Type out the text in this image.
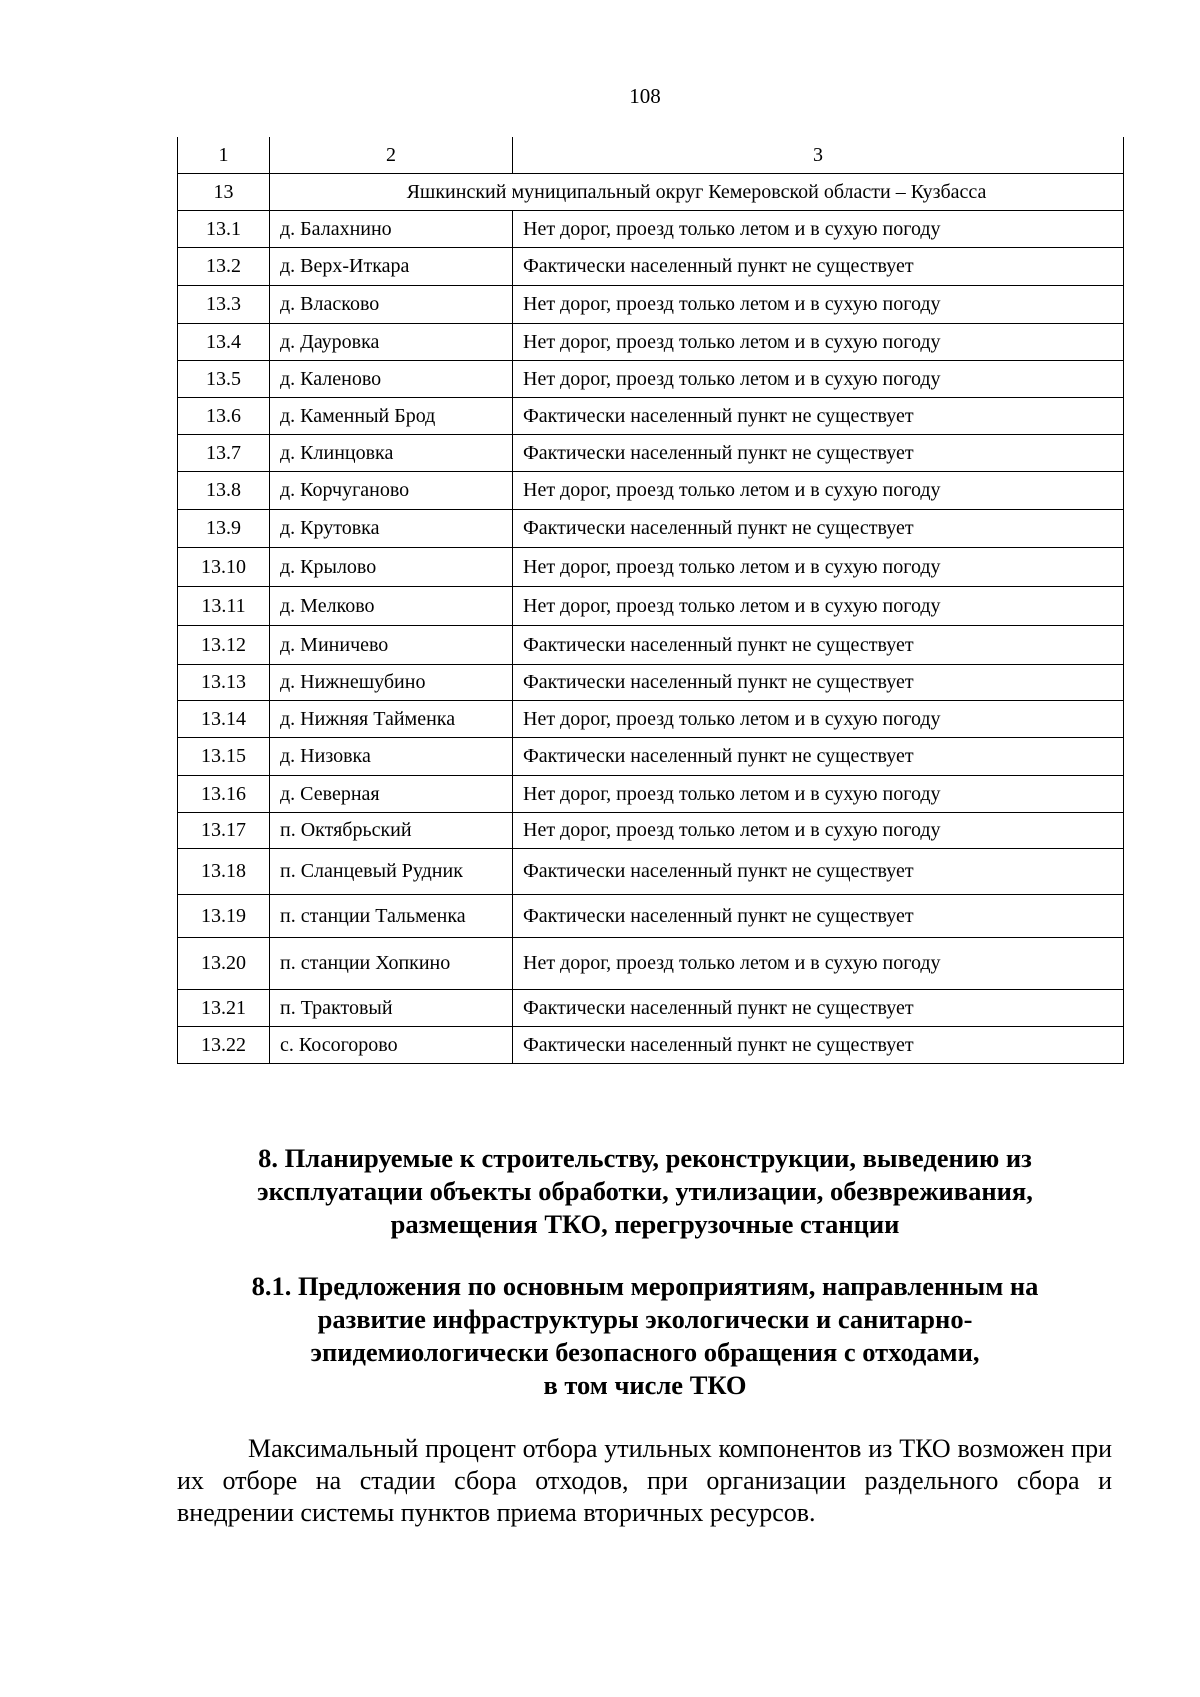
108
1	2	3
13	Яшкинский муниципальный округ Кемеровской области – Кузбасса	
13.1	д. Балахнино	Нет дорог, проезд только летом и в сухую погоду
13.2	д. Верх-Иткара	Фактически населенный пункт не существует
13.3	д. Власково	Нет дорог, проезд только летом и в сухую погоду
13.4	д. Дауровка	Нет дорог, проезд только летом и в сухую погоду
13.5	д. Каленово	Нет дорог, проезд только летом и в сухую погоду
13.6	д. Каменный Брод	Фактически населенный пункт не существует
13.7	д. Клинцовка	Фактически населенный пункт не существует
13.8	д. Корчуганово	Нет дорог, проезд только летом и в сухую погоду
13.9	д. Крутовка	Фактически населенный пункт не существует
13.10	д. Крылово	Нет дорог, проезд только летом и в сухую погоду
13.11	д. Мелково	Нет дорог, проезд только летом и в сухую погоду
13.12	д. Миничево	Фактически населенный пункт не существует
13.13	д. Нижнешубино	Фактически населенный пункт не существует
13.14	д. Нижняя Тайменка	Нет дорог, проезд только летом и в сухую погоду
13.15	д. Низовка	Фактически населенный пункт не существует
13.16	д. Северная	Нет дорог, проезд только летом и в сухую погоду
13.17	п. Октябрьский	Нет дорог, проезд только летом и в сухую погоду
13.18	п. Сланцевый Рудник	Фактически населенный пункт не существует
13.19	п. станции Тальменка	Фактически населенный пункт не существует
13.20	п. станции Хопкино	Нет дорог, проезд только летом и в сухую погоду
13.21	п. Трактовый	Фактически населенный пункт не существует
13.22	с. Косогорово	Фактически населенный пункт не существует
8. Планируемые к строительству, реконструкции, выведению из
эксплуатации объекты обработки, утилизации, обезвреживания,
размещения ТКО, перегрузочные станции
8.1. Предложения по основным мероприятиям, направленным на
развитие инфраструктуры экологически и санитарно-
эпидемиологически безопасного обращения с отходами,
в том числе ТКО

Максимальный процент отбора утильных компонентов из ТКО возможен при их отборе на стадии сбора отходов, при организации раздельного сбора и внедрении системы пунктов приема вторичных ресурсов.
